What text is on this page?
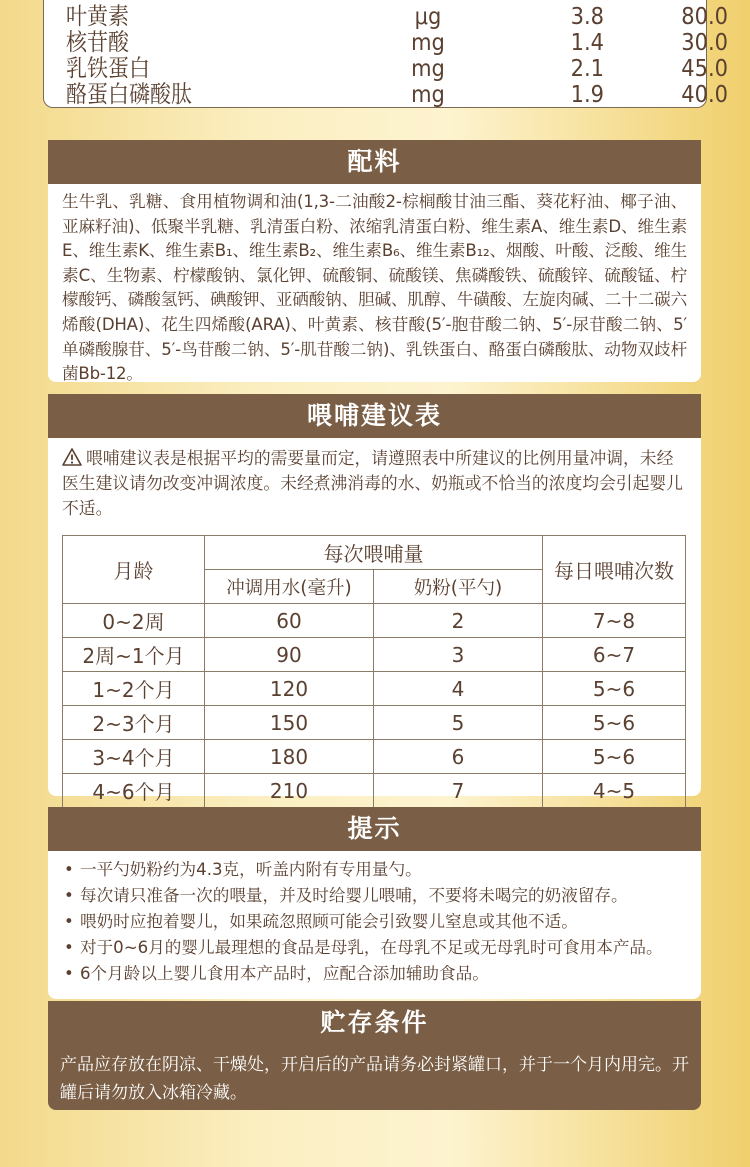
叶黄素	μg	3.8	80.0
核苷酸	mg	1.4	30.0
乳铁蛋白	mg	2.1	45.0
酪蛋白磷酸肽	mg	1.9	40.0
配料
生牛乳、乳糖、食用植物调和油(1,3-二油酸2-棕榈酸甘油三酯、葵花籽油、椰子油、亚麻籽油)、低聚半乳糖、乳清蛋白粉、浓缩乳清蛋白粉、维生素A、维生素D、维生素E、维生素K、维生素B₁、维生素B₂、维生素B₆、维生素B₁₂、烟酸、叶酸、泛酸、维生素C、生物素、柠檬酸钠、氯化钾、硫酸铜、硫酸镁、焦磷酸铁、硫酸锌、硫酸锰、柠檬酸钙、磷酸氢钙、碘酸钾、亚硒酸钠、胆碱、肌醇、牛磺酸、左旋肉碱、二十二碳六烯酸(DHA)、花生四烯酸(ARA)、叶黄素、核苷酸(5′-胞苷酸二钠、5′-尿苷酸二钠、5′单磷酸腺苷、5′-鸟苷酸二钠、5′-肌苷酸二钠)、乳铁蛋白、酪蛋白磷酸肽、动物双歧杆菌Bb-12。
喂哺建议表
喂哺建议表是根据平均的需要量而定，请遵照表中所建议的比例用量冲调，未经医生建议请勿改变冲调浓度。未经煮沸消毒的水、奶瓶或不恰当的浓度均会引起婴儿不适。
月龄	每次喂哺量		每日喂哺次数
	冲调用水(毫升)	奶粉(平勺)	
0~2周	60	2	7~8
2周~1个月	90	3	6~7
1~2个月	120	4	5~6
2~3个月	150	5	5~6
3~4个月	180	6	5~6
4~6个月	210	7	4~5
提示
• 一平勺奶粉约为4.3克，听盖内附有专用量勺。
• 每次请只准备一次的喂量，并及时给婴儿喂哺，不要将未喝完的奶液留存。
• 喂奶时应抱着婴儿，如果疏忽照顾可能会引致婴儿窒息或其他不适。
• 对于0~6月的婴儿最理想的食品是母乳，在母乳不足或无母乳时可食用本产品。
• 6个月龄以上婴儿食用本产品时，应配合添加辅助食品。
贮存条件
产品应存放在阴凉、干燥处，开启后的产品请务必封紧罐口，并于一个月内用完。开罐后请勿放入冰箱冷藏。
